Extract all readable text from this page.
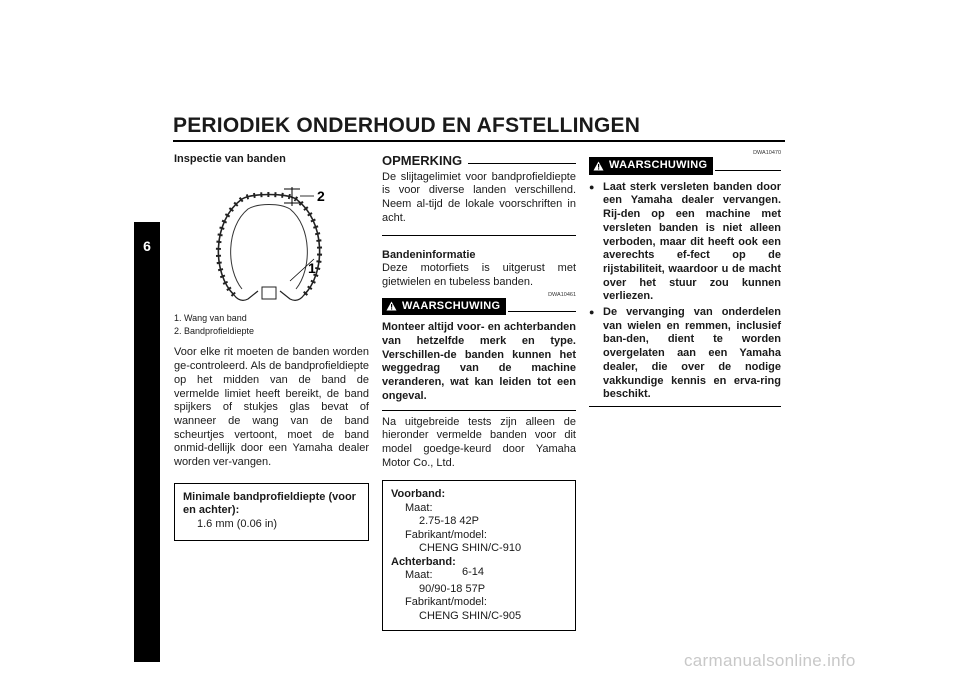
PERIODIEK ONDERHOUD EN AFSTELLINGEN
6
Inspectie van banden
2
1
1. Wang van band
2. Bandprofieldiepte
Voor elke rit moeten de banden worden ge-controleerd. Als de bandprofieldiepte op het midden van de band de vermelde limiet heeft bereikt, de band spijkers of stukjes glas bevat of wanneer de wang van de band scheurtjes vertoont, moet de band onmid-dellijk door een Yamaha dealer worden ver-vangen.
Minimale bandprofieldiepte (voor en achter):
1.6 mm (0.06 in)
OPMERKING
De slijtagelimiet voor bandprofieldiepte is voor diverse landen verschillend. Neem al-tijd de lokale voorschriften in acht.
Bandeninformatie
Deze motorfiets is uitgerust met gietwielen en tubeless banden.
DWA10461
WAARSCHUWING
Monteer altijd voor- en achterbanden van hetzelfde merk en type. Verschillen-de banden kunnen het weggedrag van de machine veranderen, wat kan leiden tot een ongeval.
Na uitgebreide tests zijn alleen de hieronder vermelde banden voor dit model goedge-keurd door Yamaha Motor Co., Ltd.
Voorband:
Maat:
2.75-18 42P
Fabrikant/model:
CHENG SHIN/C-910
Achterband:
Maat:
90/90-18 57P
Fabrikant/model:
CHENG SHIN/C-905
DWA10470
WAARSCHUWING
● Laat sterk versleten banden door een Yamaha dealer vervangen. Rij-den op een machine met versleten banden is niet alleen verboden, maar dit heeft ook een averechts ef-fect op de rijstabiliteit, waardoor u de macht over het stuur zou kunnen verliezen.
● De vervanging van onderdelen van wielen en remmen, inclusief ban-den, dient te worden overgelaten aan een Yamaha dealer, die over de nodige vakkundige kennis en erva-ring beschikt.
6-14
carmanualsonline.info
